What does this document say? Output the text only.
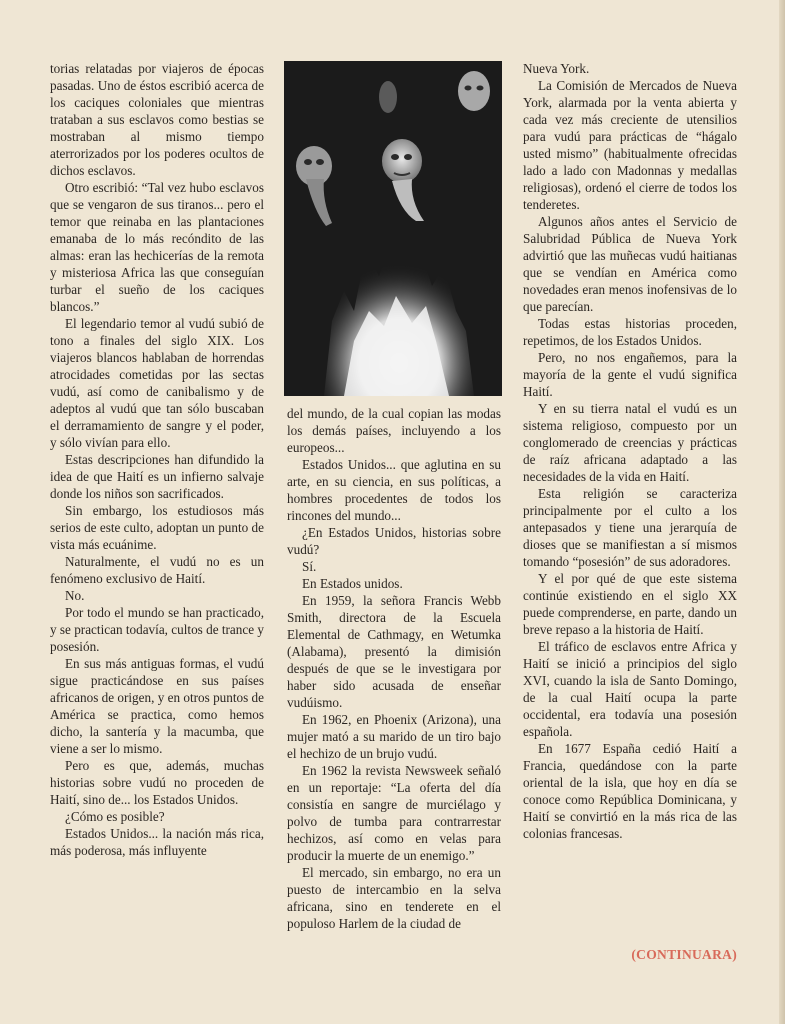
torias relatadas por viajeros de épocas pasadas. Uno de éstos escribió acerca de los caciques coloniales que mientras trataban a sus esclavos como bestias se mostraban al mismo tiempo aterrorizados por los poderes ocultos de dichos esclavos.

Otro escribió: “Tal vez hubo esclavos que se vengaron de sus tiranos... pero el temor que reinaba en las plantaciones emanaba de lo más recóndito de las almas: eran las hechicerías de la remota y misteriosa Africa las que conseguían turbar el sueño de los caciques blancos.”

El legendario temor al vudú subió de tono a finales del siglo XIX. Los viajeros blancos hablaban de horrendas atrocidades cometidas por las sectas vudú, así como de canibalismo y de adeptos al vudú que tan sólo buscaban el derramamiento de sangre y el poder, y sólo vivían para ello.

Estas descripciones han difundido la idea de que Haití es un infierno salvaje donde los niños son sacrificados.

Sin embargo, los estudiosos más serios de este culto, adoptan un punto de vista más ecuánime.

Naturalmente, el vudú no es un fenómeno exclusivo de Haití.

No.

Por todo el mundo se han practicado, y se practican todavía, cultos de trance y posesión.

En sus más antiguas formas, el vudú sigue practicándose en sus países africanos de origen, y en otros puntos de América se practica, como hemos dicho, la santería y la macumba, que viene a ser lo mismo.

Pero es que, además, muchas historias sobre vudú no proceden de Haití, sino de... los Estados Unidos.

¿Cómo es posible?

Estados Unidos... la nación más rica, más poderosa, más influyente

del mundo, de la cual copian las modas los demás países, incluyendo a los europeos...

Estados Unidos... que aglutina en su arte, en su ciencia, en sus políticas, a hombres procedentes de todos los rincones del mundo...

¿En Estados Unidos, historias sobre vudú?

Sí.

En Estados unidos.

En 1959, la señora Francis Webb Smith, directora de la Escuela Elemental de Cathmagy, en Wetumka (Alabama), presentó la dimisión después de que se le investigara por haber sido acusada de enseñar vudúismo.

En 1962, en Phoenix (Arizona), una mujer mató a su marido de un tiro bajo el hechizo de un brujo vudú.

En 1962 la revista Newsweek señaló en un reportaje: “La oferta del día consistía en sangre de murciélago y polvo de tumba para contrarrestar hechizos, así como en velas para producir la muerte de un enemigo.”

El mercado, sin embargo, no era un puesto de intercambio en la selva africana, sino en tenderete en el populoso Harlem de la ciudad de

Nueva York.

La Comisión de Mercados de Nueva York, alarmada por la venta abierta y cada vez más creciente de utensilios para vudú para prácticas de “hágalo usted mismo” (habitualmente ofrecidas lado a lado con Madonnas y medallas religiosas), ordenó el cierre de todos los tenderetes.

Algunos años antes el Servicio de Salubridad Pública de Nueva York advirtió que las muñecas vudú haitianas que se vendían en América como novedades eran menos inofensivas de lo que parecían.

Todas estas historias proceden, repetimos, de los Estados Unidos.

Pero, no nos engañemos, para la mayoría de la gente el vudú significa Haití.

Y en su tierra natal el vudú es un sistema religioso, compuesto por un conglomerado de creencias y prácticas de raíz africana adaptado a las necesidades de la vida en Haití.

Esta religión se caracteriza principalmente por el culto a los antepasados y tiene una jerarquía de dioses que se manifiestan a sí mismos tomando “posesión” de sus adoradores.

Y el por qué de que este sistema continúe existiendo en el siglo XX puede comprenderse, en parte, dando un breve repaso a la historia de Haití.

El tráfico de esclavos entre Africa y Haití se inició a principios del siglo XVI, cuando la isla de Santo Domingo, de la cual Haití ocupa la parte occidental, era todavía una posesión española.

En 1677 España cedió Haití a Francia, quedándose con la parte oriental de la isla, que hoy en día se conoce como República Dominicana, y Haití se convirtió en la más rica de las colonias francesas.

(CONTINUARA)
